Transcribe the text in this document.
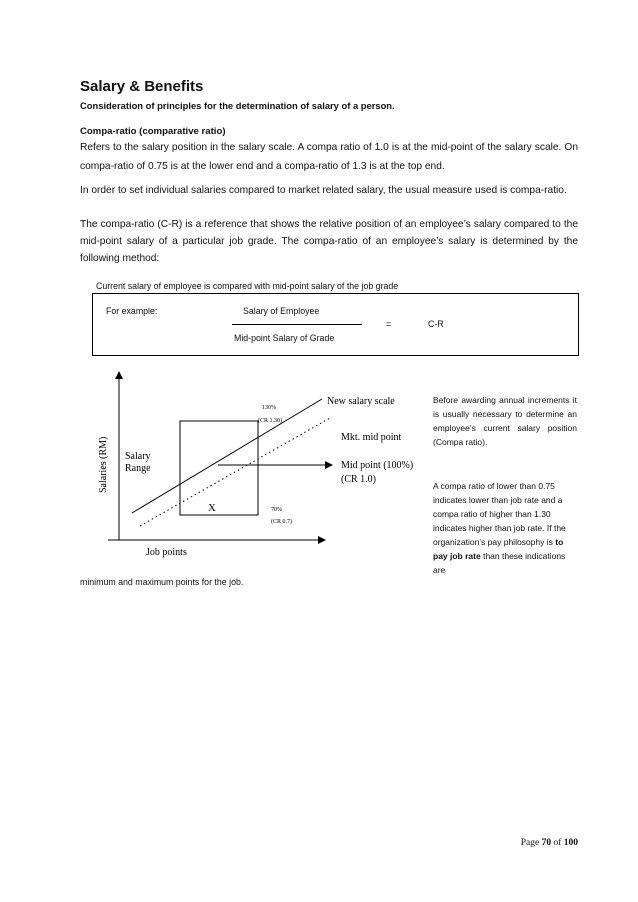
Salary & Benefits
Consideration of principles for the determination of salary of a person.
Compa-ratio (comparative ratio)
Refers to the salary position in the salary scale. A compa ratio of 1.0 is at the mid-point of the salary scale. On compa-ratio of 0.75 is at the lower end and a compa-ratio of 1.3 is at the top end.
In order to set individual salaries compared to market related salary, the usual measure used is compa-ratio.
The compa-ratio (C-R) is a reference that shows the relative position of an employee’s salary compared to the mid-point salary of a particular job grade. The compa-ratio of an employee’s salary is determined by the following method:
Current salary of employee is compared with mid-point salary of the job grade
For example:	Salary of Employee
Mid-point Salary of Grade
=	C-R
Salaries (RM)
Job points
Salary
Range
X
130%
(CR 1.30)
70%
(CR 0.7)
New salary scale
Mkt. mid point
Mid point (100%)
(CR 1.0)
Before awarding annual increments it is usually necessary to determine an employee’s current salary position (Compa ratio).
A compa ratio of lower than 0.75 indicates lower than job rate and a compa ratio of higher than 1.30 indicates higher than job rate. If the organization’s pay philosophy is to pay job rate than these indications are
minimum and maximum points for the job.
Page 70 of 100
